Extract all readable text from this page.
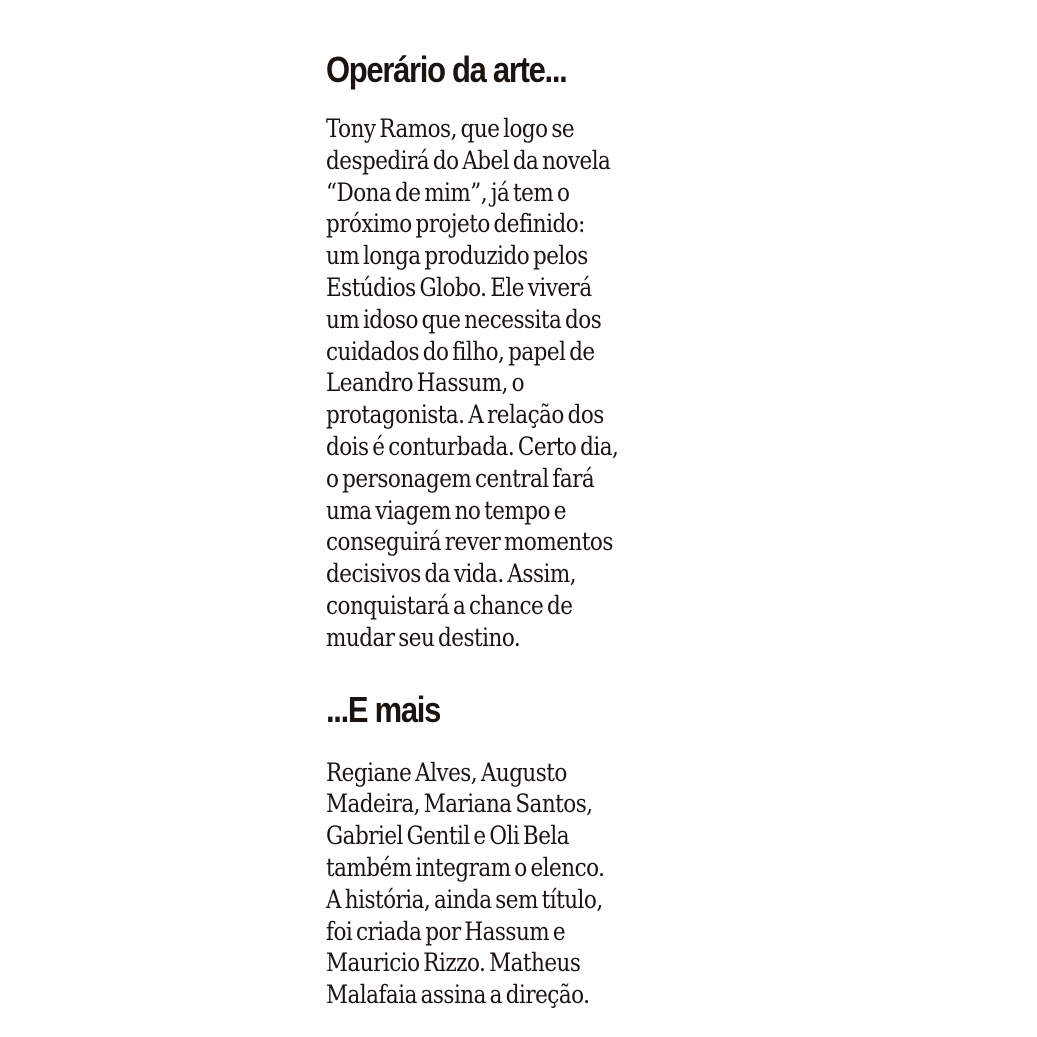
Operário da arte...

Tony Ramos, que logo se
despedirá do Abel da novela
“Dona de mim”, já tem o
próximo projeto definido:
um longa produzido pelos
Estúdios Globo. Ele viverá
um idoso que necessita dos
cuidados do filho, papel de
Leandro Hassum, o
protagonista. A relação dos
dois é conturbada. Certo dia,
o personagem central fará
uma viagem no tempo e
conseguirá rever momentos
decisivos da vida. Assim,
conquistará a chance de
mudar seu destino.

...E mais

Regiane Alves, Augusto
Madeira, Mariana Santos,
Gabriel Gentil e Oli Bela
também integram o elenco.
A história, ainda sem título,
foi criada por Hassum e
Mauricio Rizzo. Matheus
Malafaia assina a direção.
